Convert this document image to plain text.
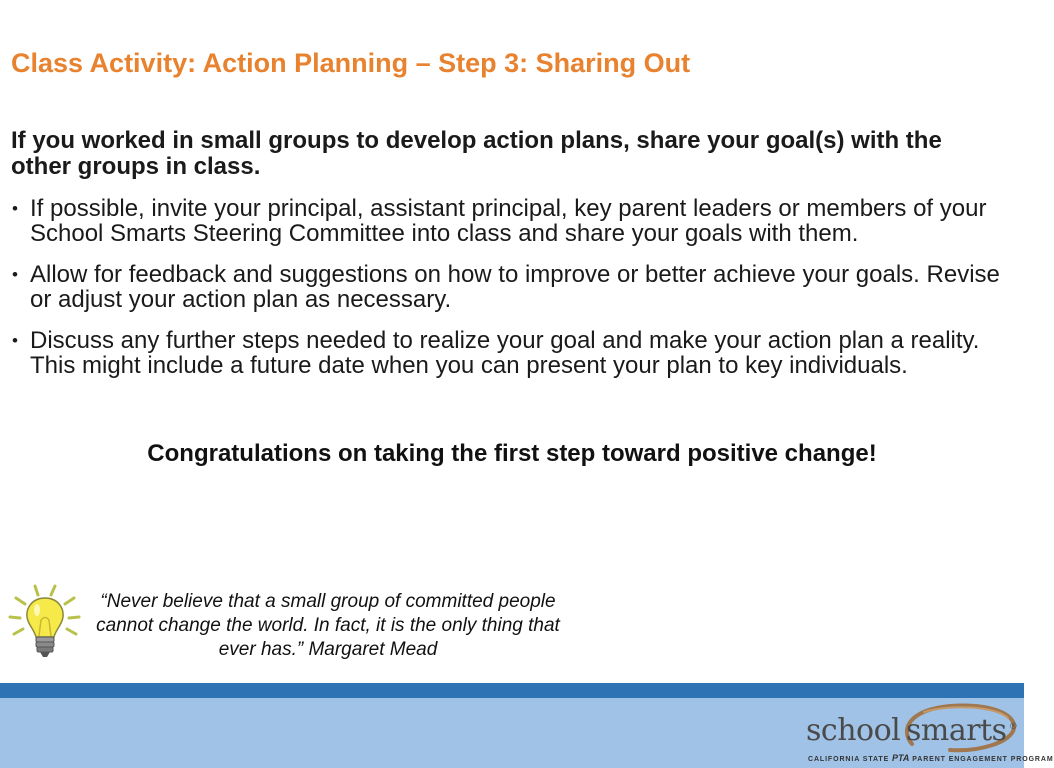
Class Activity: Action Planning – Step 3: Sharing Out

If you worked in small groups to develop action plans, share your goal(s) with the other groups in class.

• If possible, invite your principal, assistant principal, key parent leaders or members of your School Smarts Steering Committee into class and share your goals with them.
• Allow for feedback and suggestions on how to improve or better achieve your goals. Revise or adjust your action plan as necessary.
• Discuss any further steps needed to realize your goal and make your action plan a reality. This might include a future date when you can present your plan to key individuals.

Congratulations on taking the first step toward positive change!

“Never believe that a small group of committed people cannot change the world. In fact, it is the only thing that ever has.” Margaret Mead

school smarts ®
CALIFORNIA STATE PTA PARENT ENGAGEMENT PROGRAM
